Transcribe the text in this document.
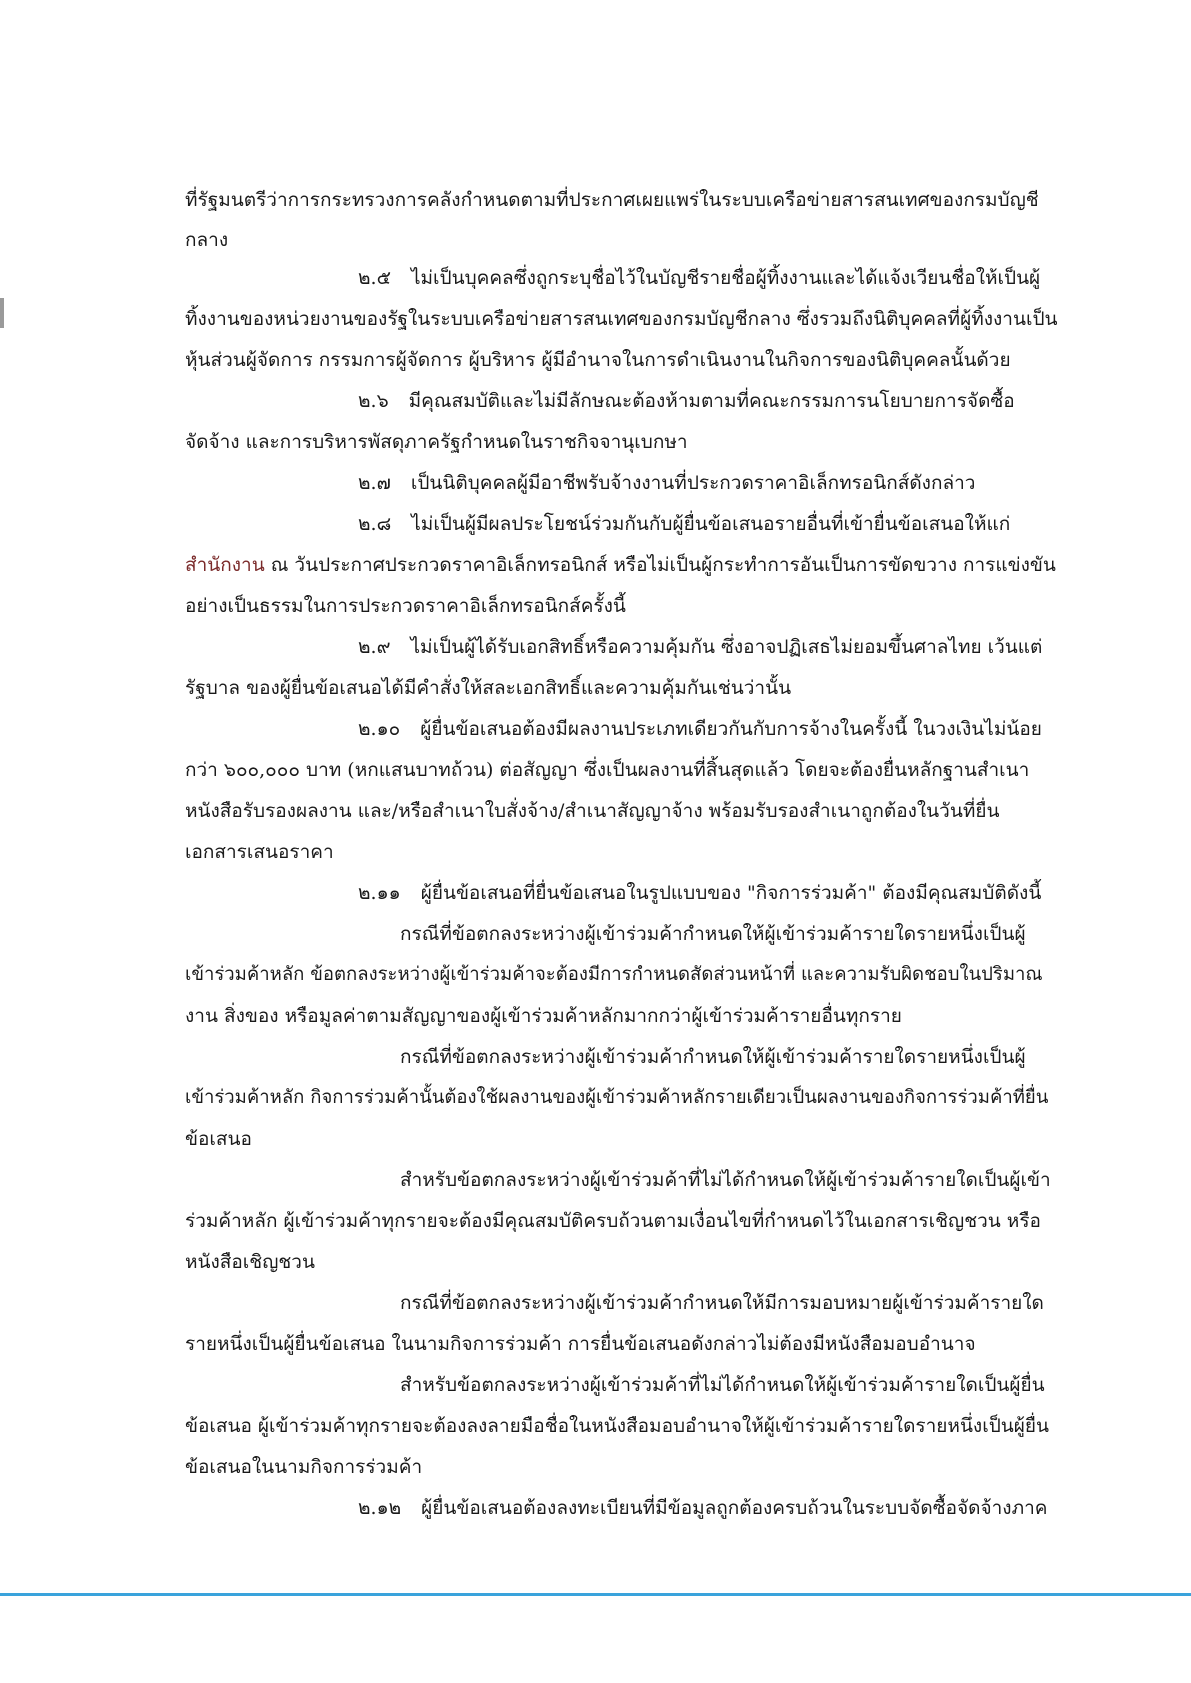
ที่รัฐมนตรีว่าการกระทรวงการคลังกำหนดตามที่ประกาศเผยแพร่ในระบบเครือข่ายสารสนเทศของกรมบัญชี
กลาง
๒.๕ ไม่เป็นบุคคลซึ่งถูกระบุชื่อไว้ในบัญชีรายชื่อผู้ทิ้งงานและได้แจ้งเวียนชื่อให้เป็นผู้
ทิ้งงานของหน่วยงานของรัฐในระบบเครือข่ายสารสนเทศของกรมบัญชีกลาง ซึ่งรวมถึงนิติบุคคลที่ผู้ทิ้งงานเป็น
หุ้นส่วนผู้จัดการ กรรมการผู้จัดการ ผู้บริหาร ผู้มีอำนาจในการดำเนินงานในกิจการของนิติบุคคลนั้นด้วย
๒.๖ มีคุณสมบัติและไม่มีลักษณะต้องห้ามตามที่คณะกรรมการนโยบายการจัดซื้อ
จัดจ้าง และการบริหารพัสดุภาครัฐกำหนดในราชกิจจานุเบกษา
๒.๗ เป็นนิติบุคคลผู้มีอาชีพรับจ้างงานที่ประกวดราคาอิเล็กทรอนิกส์ดังกล่าว
๒.๘ ไม่เป็นผู้มีผลประโยชน์ร่วมกันกับผู้ยื่นข้อเสนอรายอื่นที่เข้ายื่นข้อเสนอให้แก่
สำนักงาน ณ วันประกาศประกวดราคาอิเล็กทรอนิกส์ หรือไม่เป็นผู้กระทำการอันเป็นการขัดขวาง การแข่งขัน
อย่างเป็นธรรมในการประกวดราคาอิเล็กทรอนิกส์ครั้งนี้
๒.๙ ไม่เป็นผู้ได้รับเอกสิทธิ์หรือความคุ้มกัน ซึ่งอาจปฏิเสธไม่ยอมขึ้นศาลไทย เว้นแต่
รัฐบาล ของผู้ยื่นข้อเสนอได้มีคำสั่งให้สละเอกสิทธิ์และความคุ้มกันเช่นว่านั้น
๒.๑๐ ผู้ยื่นข้อเสนอต้องมีผลงานประเภทเดียวกันกับการจ้างในครั้งนี้ ในวงเงินไม่น้อย
กว่า ๖๐๐,๐๐๐ บาท (หกแสนบาทถ้วน) ต่อสัญญา ซึ่งเป็นผลงานที่สิ้นสุดแล้ว โดยจะต้องยื่นหลักฐานสำเนา
หนังสือรับรองผลงาน และ/หรือสำเนาใบสั่งจ้าง/สำเนาสัญญาจ้าง พร้อมรับรองสำเนาถูกต้องในวันที่ยื่น
เอกสารเสนอราคา
๒.๑๑ ผู้ยื่นข้อเสนอที่ยื่นข้อเสนอในรูปแบบของ "กิจการร่วมค้า" ต้องมีคุณสมบัติดังนี้
กรณีที่ข้อตกลงระหว่างผู้เข้าร่วมค้ากำหนดให้ผู้เข้าร่วมค้ารายใดรายหนึ่งเป็นผู้
เข้าร่วมค้าหลัก ข้อตกลงระหว่างผู้เข้าร่วมค้าจะต้องมีการกำหนดสัดส่วนหน้าที่ และความรับผิดชอบในปริมาณ
งาน สิ่งของ หรือมูลค่าตามสัญญาของผู้เข้าร่วมค้าหลักมากกว่าผู้เข้าร่วมค้ารายอื่นทุกราย
กรณีที่ข้อตกลงระหว่างผู้เข้าร่วมค้ากำหนดให้ผู้เข้าร่วมค้ารายใดรายหนึ่งเป็นผู้
เข้าร่วมค้าหลัก กิจการร่วมค้านั้นต้องใช้ผลงานของผู้เข้าร่วมค้าหลักรายเดียวเป็นผลงานของกิจการร่วมค้าที่ยื่น
ข้อเสนอ
สำหรับข้อตกลงระหว่างผู้เข้าร่วมค้าที่ไม่ได้กำหนดให้ผู้เข้าร่วมค้ารายใดเป็นผู้เข้า
ร่วมค้าหลัก ผู้เข้าร่วมค้าทุกรายจะต้องมีคุณสมบัติครบถ้วนตามเงื่อนไขที่กำหนดไว้ในเอกสารเชิญชวน หรือ
หนังสือเชิญชวน
กรณีที่ข้อตกลงระหว่างผู้เข้าร่วมค้ากำหนดให้มีการมอบหมายผู้เข้าร่วมค้ารายใด
รายหนึ่งเป็นผู้ยื่นข้อเสนอ ในนามกิจการร่วมค้า การยื่นข้อเสนอดังกล่าวไม่ต้องมีหนังสือมอบอำนาจ
สำหรับข้อตกลงระหว่างผู้เข้าร่วมค้าที่ไม่ได้กำหนดให้ผู้เข้าร่วมค้ารายใดเป็นผู้ยื่น
ข้อเสนอ ผู้เข้าร่วมค้าทุกรายจะต้องลงลายมือชื่อในหนังสือมอบอำนาจให้ผู้เข้าร่วมค้ารายใดรายหนึ่งเป็นผู้ยื่น
ข้อเสนอในนามกิจการร่วมค้า
๒.๑๒ ผู้ยื่นข้อเสนอต้องลงทะเบียนที่มีข้อมูลถูกต้องครบถ้วนในระบบจัดซื้อจัดจ้างภาค
